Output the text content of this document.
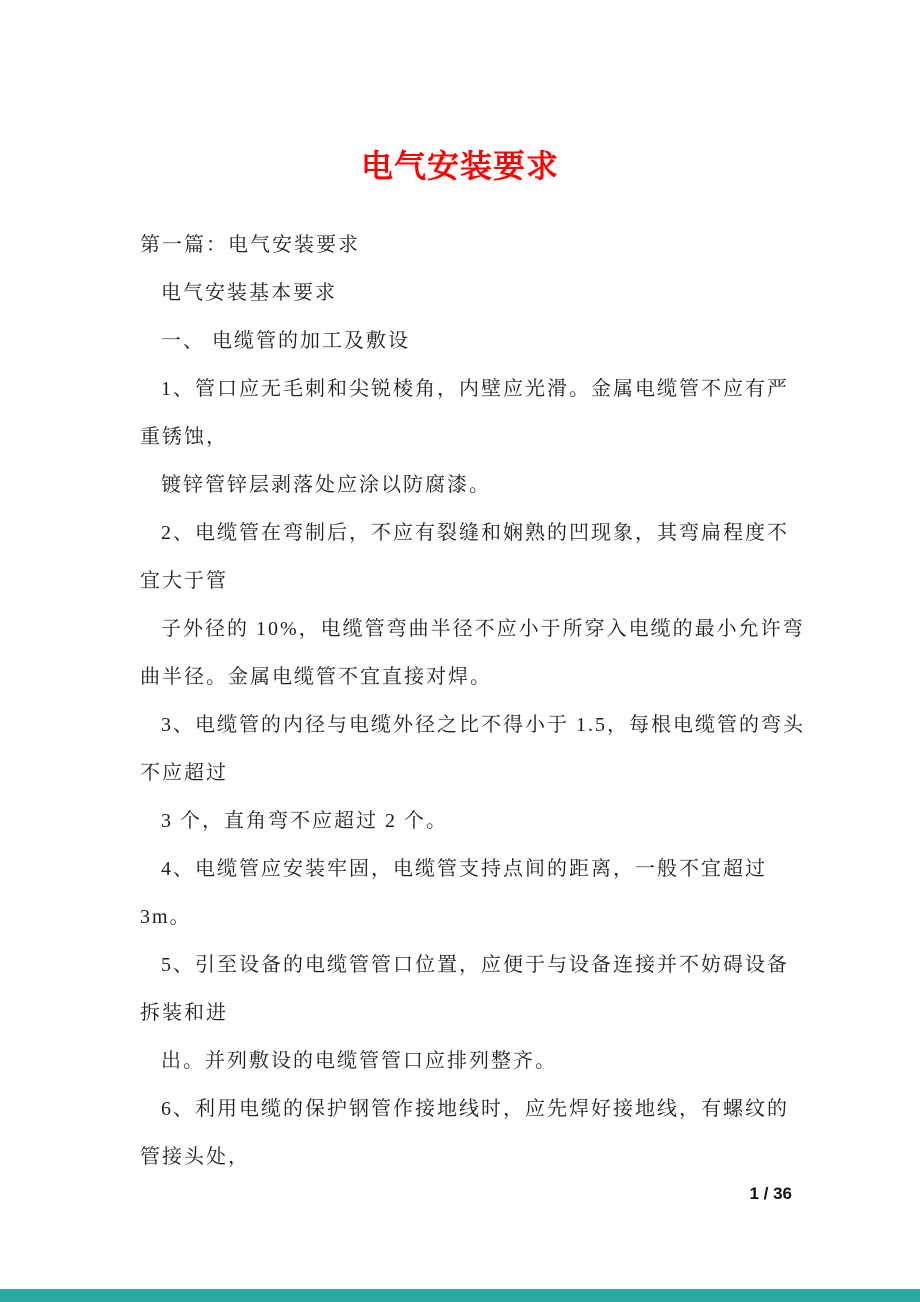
电气安装要求
第一篇：电气安装要求
电气安装基本要求
一、 电缆管的加工及敷设
1、管口应无毛刺和尖锐棱角，内壁应光滑。金属电缆管不应有严
重锈蚀，
镀锌管锌层剥落处应涂以防腐漆。
2、电缆管在弯制后，不应有裂缝和娴熟的凹现象，其弯扁程度不
宜大于管
子外径的 10%，电缆管弯曲半径不应小于所穿入电缆的最小允许弯
曲半径。金属电缆管不宜直接对焊。
3、电缆管的内径与电缆外径之比不得小于 1.5，每根电缆管的弯头
不应超过
3 个，直角弯不应超过 2 个。
4、电缆管应安装牢固，电缆管支持点间的距离，一般不宜超过
3m。
5、引至设备的电缆管管口位置，应便于与设备连接并不妨碍设备
拆装和进
出。并列敷设的电缆管管口应排列整齐。
6、利用电缆的保护钢管作接地线时，应先焊好接地线，有螺纹的
管接头处，
1 / 36
